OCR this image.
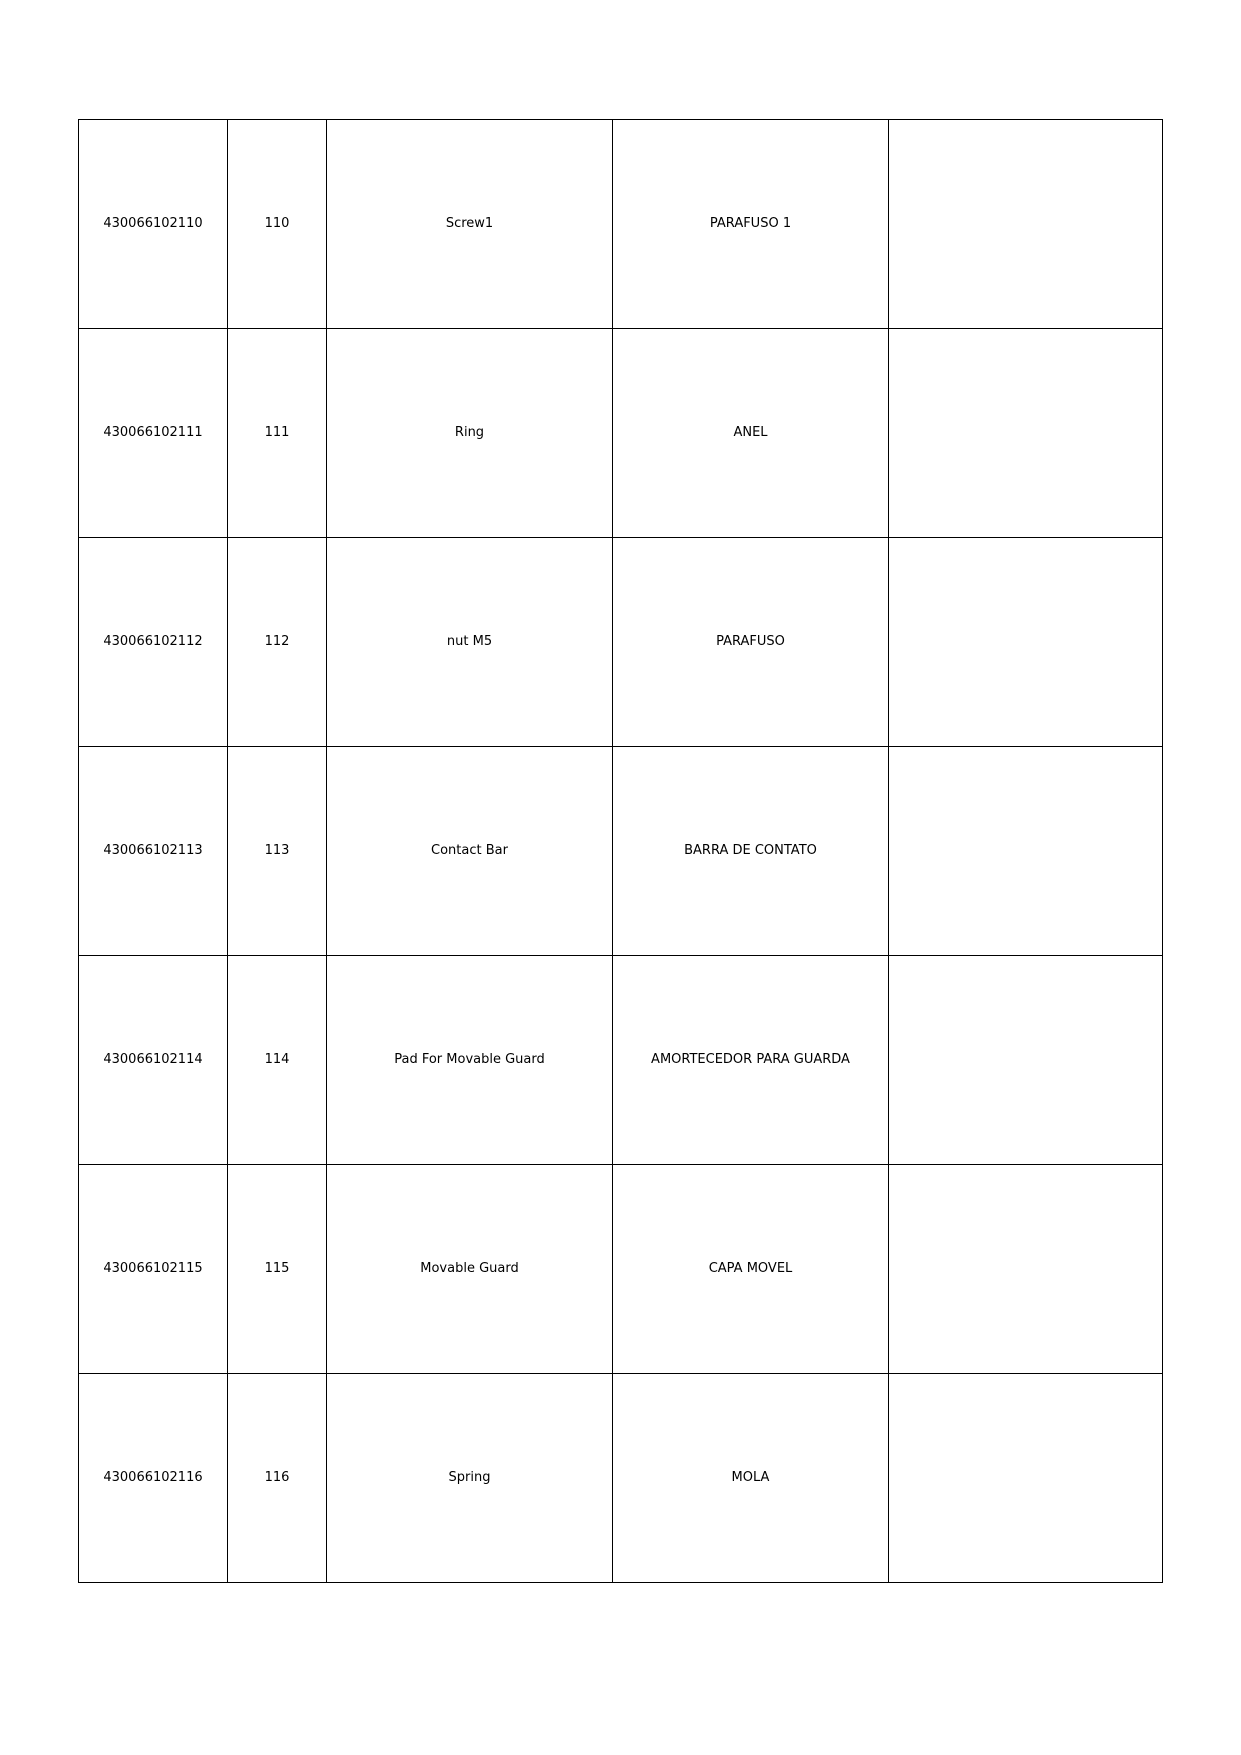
430066102110	110	Screw1	PARAFUSO 1	
430066102111	111	Ring	ANEL	
430066102112	112	nut M5	PARAFUSO	
430066102113	113	Contact Bar	BARRA DE CONTATO	
430066102114	114	Pad For Movable Guard	AMORTECEDOR PARA GUARDA	
430066102115	115	Movable Guard	CAPA MOVEL	
430066102116	116	Spring	MOLA	
